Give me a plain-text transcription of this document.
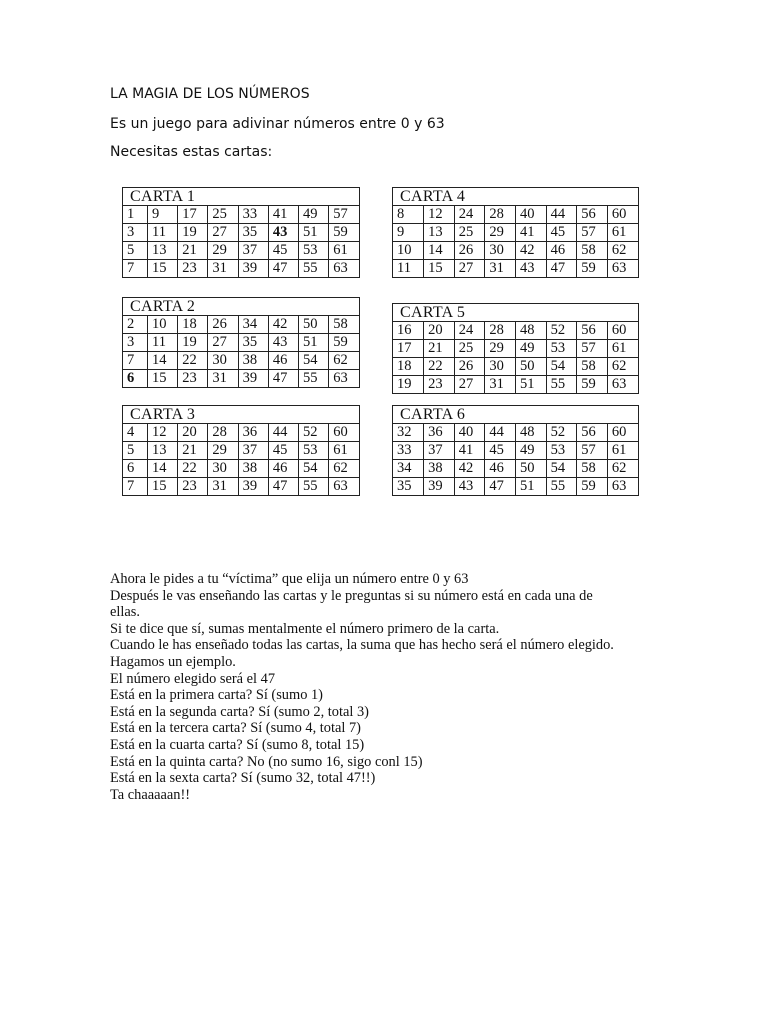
LA MAGIA DE LOS NÚMEROS
Es un juego para adivinar números entre 0 y 63
Necesitas estas cartas:
CARTA 1
1	9	17	25	33	41	49	57
3	11	19	27	35	43	51	59
5	13	21	29	37	45	53	61
7	15	23	31	39	47	55	63
CARTA 4
8	12	24	28	40	44	56	60
9	13	25	29	41	45	57	61
10	14	26	30	42	46	58	62
11	15	27	31	43	47	59	63
CARTA 2
2	10	18	26	34	42	50	58
3	11	19	27	35	43	51	59
7	14	22	30	38	46	54	62
6	15	23	31	39	47	55	63
CARTA 5
16	20	24	28	48	52	56	60
17	21	25	29	49	53	57	61
18	22	26	30	50	54	58	62
19	23	27	31	51	55	59	63
CARTA 3
4	12	20	28	36	44	52	60
5	13	21	29	37	45	53	61
6	14	22	30	38	46	54	62
7	15	23	31	39	47	55	63
CARTA 6
32	36	40	44	48	52	56	60
33	37	41	45	49	53	57	61
34	38	42	46	50	54	58	62
35	39	43	47	51	55	59	63
Ahora le pides a tu “víctima” que elija un número entre 0 y 63
Después le vas enseñando las cartas y le preguntas si su número está en cada una de
ellas.
Si te dice que sí, sumas mentalmente el número primero de la carta.
Cuando le has enseñado todas las cartas, la suma que has hecho será el número elegido.
Hagamos un ejemplo.
El número elegido será el 47
Está en la primera carta? Sí (sumo 1)
Está en la segunda carta? Sí (sumo 2, total 3)
Está en la tercera carta? Sí (sumo 4, total 7)
Está en la cuarta carta? Sí (sumo 8, total 15)
Está en la quinta carta? No (no sumo 16, sigo conl 15)
Está en la sexta carta? Sí (sumo 32, total 47!!)
Ta chaaaaan!!
